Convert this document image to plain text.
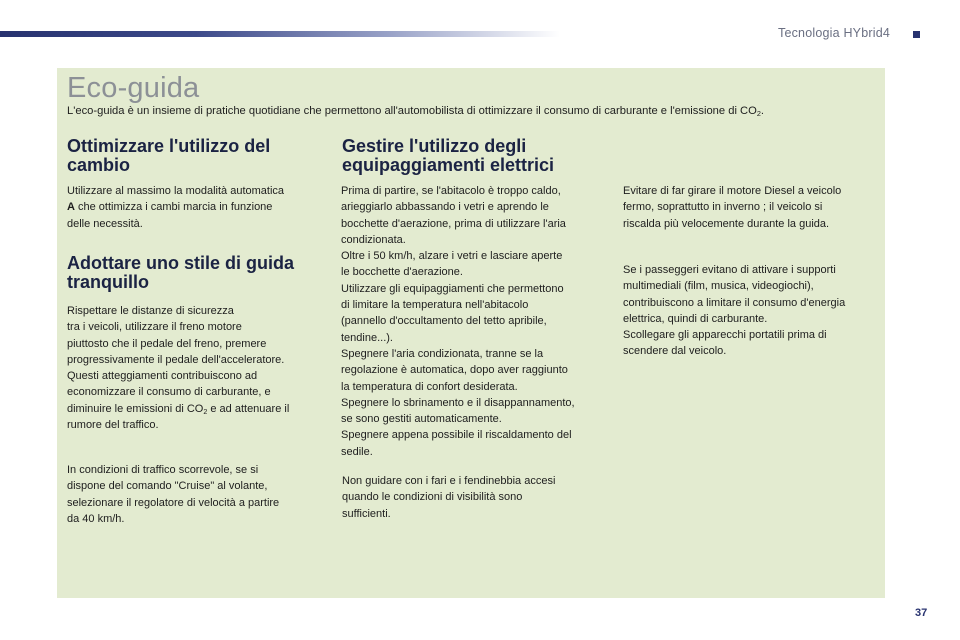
Tecnologia HYbrid4
Eco-guida

L'eco-guida è un insieme di pratiche quotidiane che permettono all'automobilista di ottimizzare il consumo di carburante e l'emissione di $CO_2$.

Ottimizzare l'utilizzo del
cambio

Utilizzare al massimo la modalità automatica
A che ottimizza i cambi marcia in funzione
delle necessità.

Adottare uno stile di guida
tranquillo

Rispettare le distanze di sicurezza
tra i veicoli, utilizzare il freno motore
piuttosto che il pedale del freno, premere
progressivamente il pedale dell'acceleratore.
Questi atteggiamenti contribuiscono ad
economizzare il consumo di carburante, e
diminuire le emissioni di $CO_2$ e ad attenuare il
rumore del traffico.

In condizioni di traffico scorrevole, se si
dispone del comando "Cruise" al volante,
selezionare il regolatore di velocità a partire
da 40 km/h.

Gestire l'utilizzo degli
equipaggiamenti elettrici

Prima di partire, se l'abitacolo è troppo caldo,
arieggiarlo abbassando i vetri e aprendo le
bocchette d'aerazione, prima di utilizzare l'aria
condizionata.
Oltre i 50 km/h, alzare i vetri e lasciare aperte
le bocchette d'aerazione.
Utilizzare gli equipaggiamenti che permettono
di limitare la temperatura nell'abitacolo
(pannello d'occultamento del tetto apribile,
tendine...).
Spegnere l'aria condizionata, tranne se la
regolazione è automatica, dopo aver raggiunto
la temperatura di confort desiderata.
Spegnere lo sbrinamento e il disappannamento,
se sono gestiti automaticamente.
Spegnere appena possibile il riscaldamento del
sedile.

Non guidare con i fari e i fendinebbia accesi
quando le condizioni di visibilità sono
sufficienti.

Evitare di far girare il motore Diesel a veicolo
fermo, soprattutto in inverno ; il veicolo si
riscalda più velocemente durante la guida.

Se i passeggeri evitano di attivare i supporti
multimediali (film, musica, videogiochi),
contribuiscono a limitare il consumo d'energia
elettrica, quindi di carburante.
Scollegare gli apparecchi portatili prima di
scendere dal veicolo.

37
